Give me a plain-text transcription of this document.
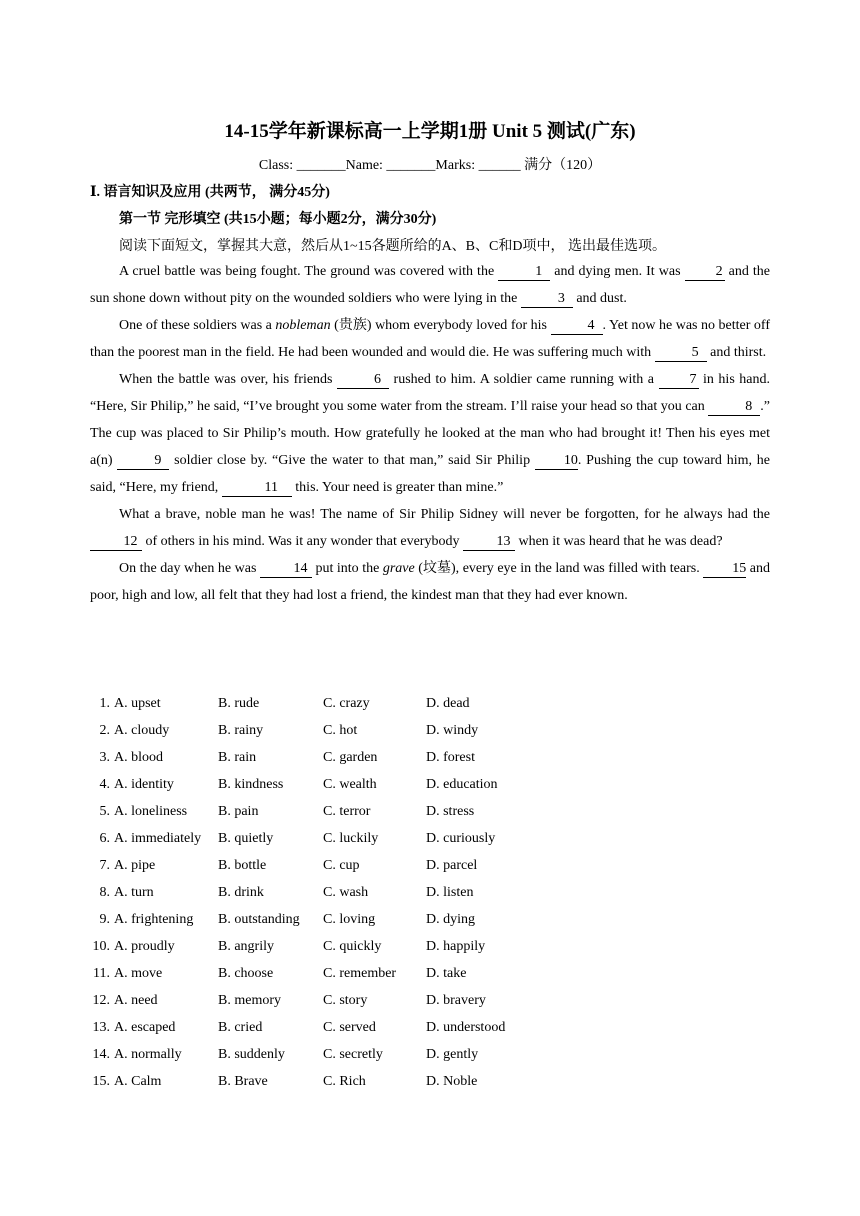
14-15学年新课标高一上学期1册 Unit 5 测试(广东)
Class: _______Name: _______Marks: ______ 满分（120）
Ⅰ. 语言知识及应用 (共两节， 满分45分)
第一节 完形填空 (共15小题；每小题2分，满分30分)
阅读下面短文，掌握其大意，然后从1~15各题所给的A、B、C和D项中， 选出最佳选项。

A cruel battle was being fought. The ground was covered with the	1 and dying men. It was 2 and the sun shone down without pity on the wounded soldiers who were lying in the	3 and dust.

One of these soldiers was a nobleman (贵族) whom everybody loved for his	4 . Yet now he was no better off than the poorest man in the field. He had been wounded and would die. He was suffering much with	5 and thirst.

When the battle was over, his friends	6 rushed to him. A soldier came running with a 7 in his hand. “Here, Sir Philip,” he said, “I’ve brought you some water from the stream. I’ll raise your head so that you can	8 .” The cup was placed to Sir Philip’s mouth. How gratefully he looked at the man who had brought it! Then his eyes met a(n)	9 soldier close by. “Give the water to that man,” said Sir Philip 10. Pushing the cup toward him, he said, “Here, my friend,	11 this. Your need is greater than mine.”

What a brave, noble man he was! The name of Sir Philip Sidney will never be forgotten, for he always had the 12 of others in his mind. Was it any wonder that everybody 13 when it was heard that he was dead?

On the day when he was 14 put into the grave (坟墓), every eye in the land was filled with tears. 15 and poor, high and low, all felt that they had lost a friend, the kindest man that they had ever known.

1. A. upset	B. rude	C. crazy	D. dead
2. A. cloudy	B. rainy	C. hot	D. windy
3. A. blood	B. rain	C. garden	D. forest
4. A. identity	B. kindness	C. wealth	D. education
5. A. loneliness B. pain	C. terror	D. stress
6. A. immediately B. quietly	C. luckily	D. curiously
7. A. pipe	B. bottle	C. cup	D. parcel
8. A. turn	B. drink	C. wash	D. listen
9. A. frightening B. outstanding C. loving	D. dying
10. A. proudly	B. angrily	C. quickly	D. happily
11. A. move	B. choose	C. remember D. take
12. A. need	B. memory	C. story	D. bravery
13. A. escaped	B. cried	C. served	D. understood
14. A. normally	B. suddenly	C. secretly	D. gently
15. A. Calm	B. Brave	C. Rich	D. Noble
